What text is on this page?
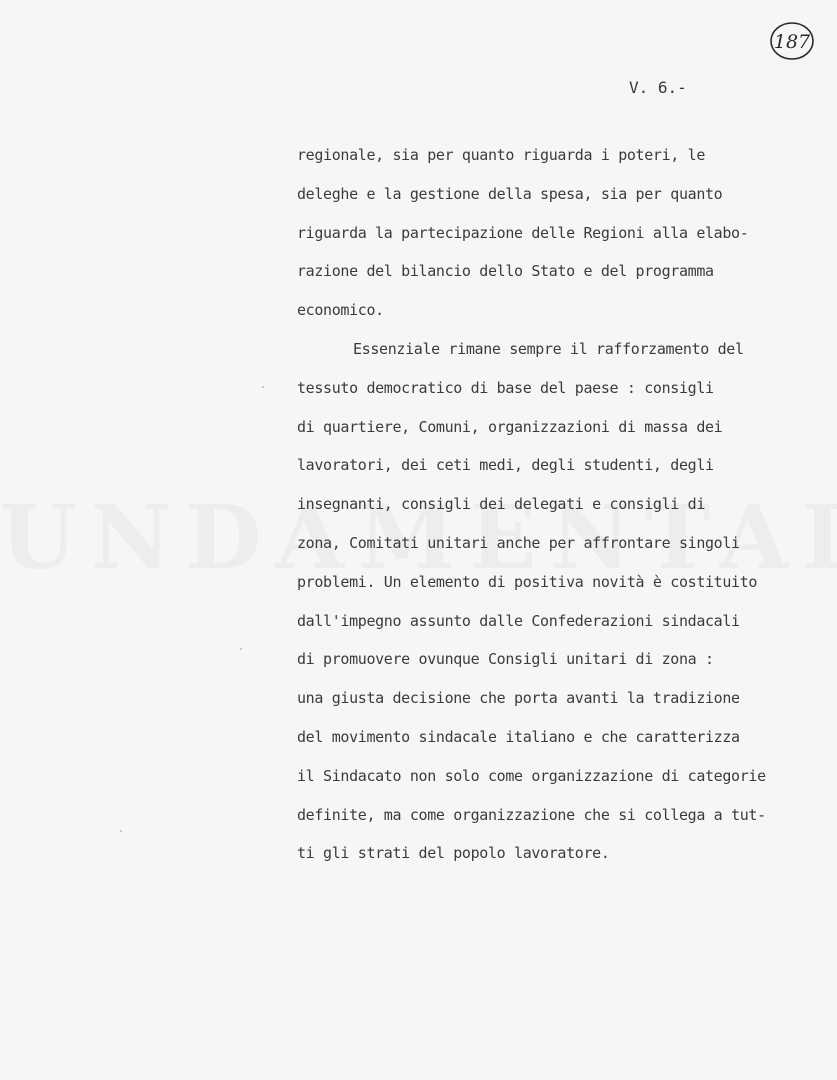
187
V. 6.-
regionale, sia per quanto riguarda i poteri, le
deleghe e la gestione della spesa, sia per quanto
riguarda la partecipazione delle Regioni alla elabo-
razione del bilancio dello Stato e del programma
economico.
Essenziale rimane sempre il rafforzamento del
tessuto democratico di base del paese : consigli
di quartiere, Comuni, organizzazioni di massa dei
lavoratori, dei ceti medi, degli studenti, degli
insegnanti, consigli dei delegati e consigli di
zona, Comitati unitari anche per affrontare singoli
problemi. Un elemento di positiva novità è costituito
dall'impegno assunto dalle Confederazioni sindacali
di promuovere ovunque Consigli unitari di zona :
una giusta decisione che porta avanti la tradizione
del movimento sindacale italiano e che caratterizza
il Sindacato non solo come organizzazione di categorie
definite, ma come organizzazione che si collega a tut-
ti gli strati del popolo lavoratore.
